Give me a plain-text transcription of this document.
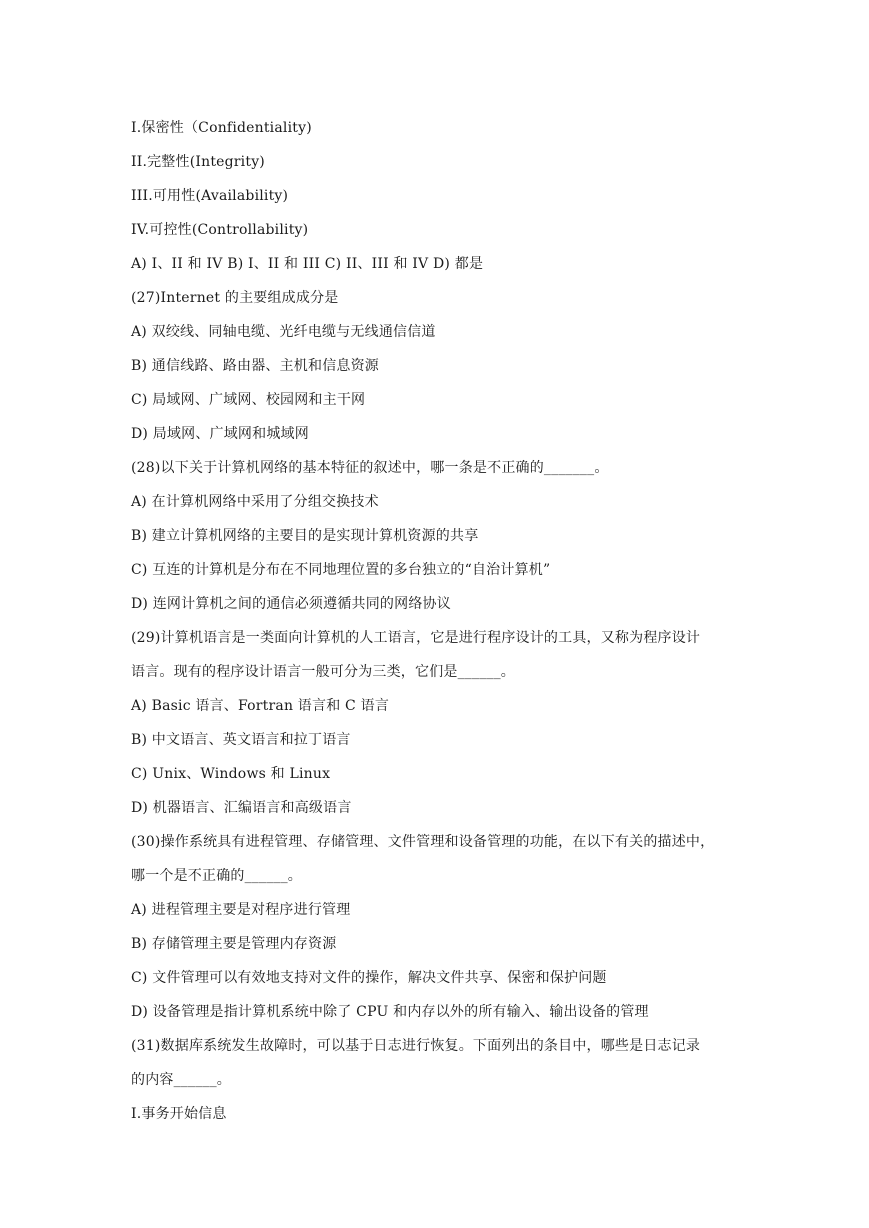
I.保密性（Confidentiality)
II.完整性(Integrity)
III.可用性(Availability)
IV.可控性(Controllability)
A) I、II 和 IV B) I、II 和 III C) II、III 和 IV D) 都是
(27)Internet 的主要组成成分是
A) 双绞线、同轴电缆、光纤电缆与无线通信信道
B) 通信线路、路由器、主机和信息资源
C) 局域网、广域网、校园网和主干网
D) 局域网、广域网和城域网
(28)以下关于计算机网络的基本特征的叙述中，哪一条是不正确的_______。
A) 在计算机网络中采用了分组交换技术
B) 建立计算机网络的主要目的是实现计算机资源的共享
C) 互连的计算机是分布在不同地理位置的多台独立的“自治计算机”
D) 连网计算机之间的通信必须遵循共同的网络协议
(29)计算机语言是一类面向计算机的人工语言，它是进行程序设计的工具，又称为程序设计
语言。现有的程序设计语言一般可分为三类，它们是______。
A) Basic 语言、Fortran 语言和 C 语言
B) 中文语言、英文语言和拉丁语言
C) Unix、Windows 和 Linux
D) 机器语言、汇编语言和高级语言
(30)操作系统具有进程管理、存储管理、文件管理和设备管理的功能，在以下有关的描述中，
哪一个是不正确的______。
A) 进程管理主要是对程序进行管理
B) 存储管理主要是管理内存资源
C) 文件管理可以有效地支持对文件的操作，解决文件共享、保密和保护问题
D) 设备管理是指计算机系统中除了 CPU 和内存以外的所有输入、输出设备的管理
(31)数据库系统发生故障时，可以基于日志进行恢复。下面列出的条目中，哪些是日志记录
的内容______。
Ⅰ.事务开始信息
